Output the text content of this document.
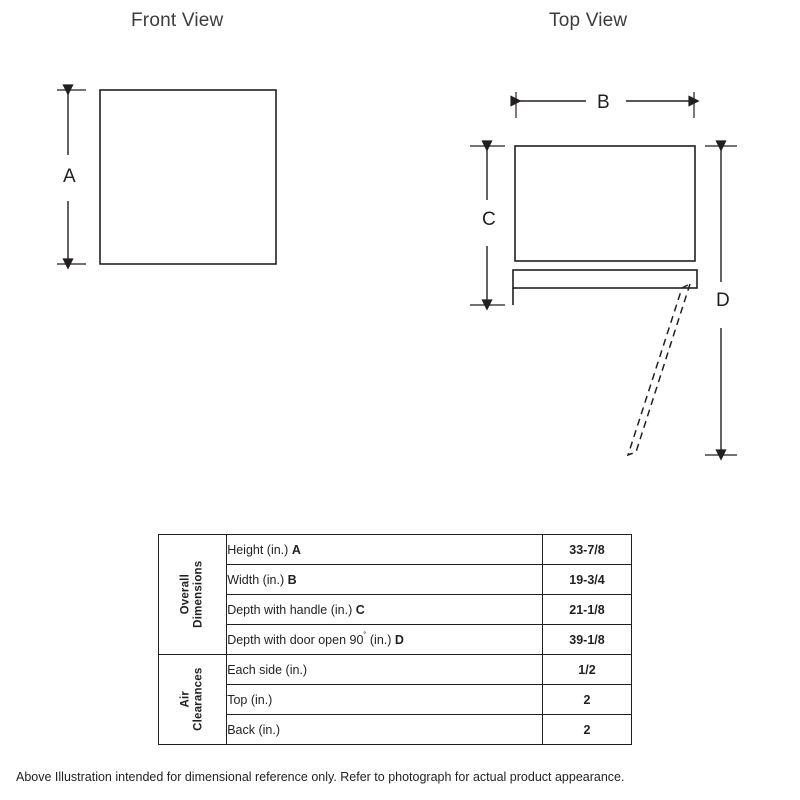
Front View	Top View
A
B
C
D
Overall
Dimensions	Height (in.) A	33-7/8
	Width (in.) B	19-3/4
	Depth with handle (in.) C	21-1/8
	Depth with door open 90˚ (in.) D	39-1/8

Air
Clearances	Each side (in.)	1/2
	Top (in.)	2
	Back (in.)	2
Above Illustration intended for dimensional reference only. Refer to photograph for actual product appearance.
